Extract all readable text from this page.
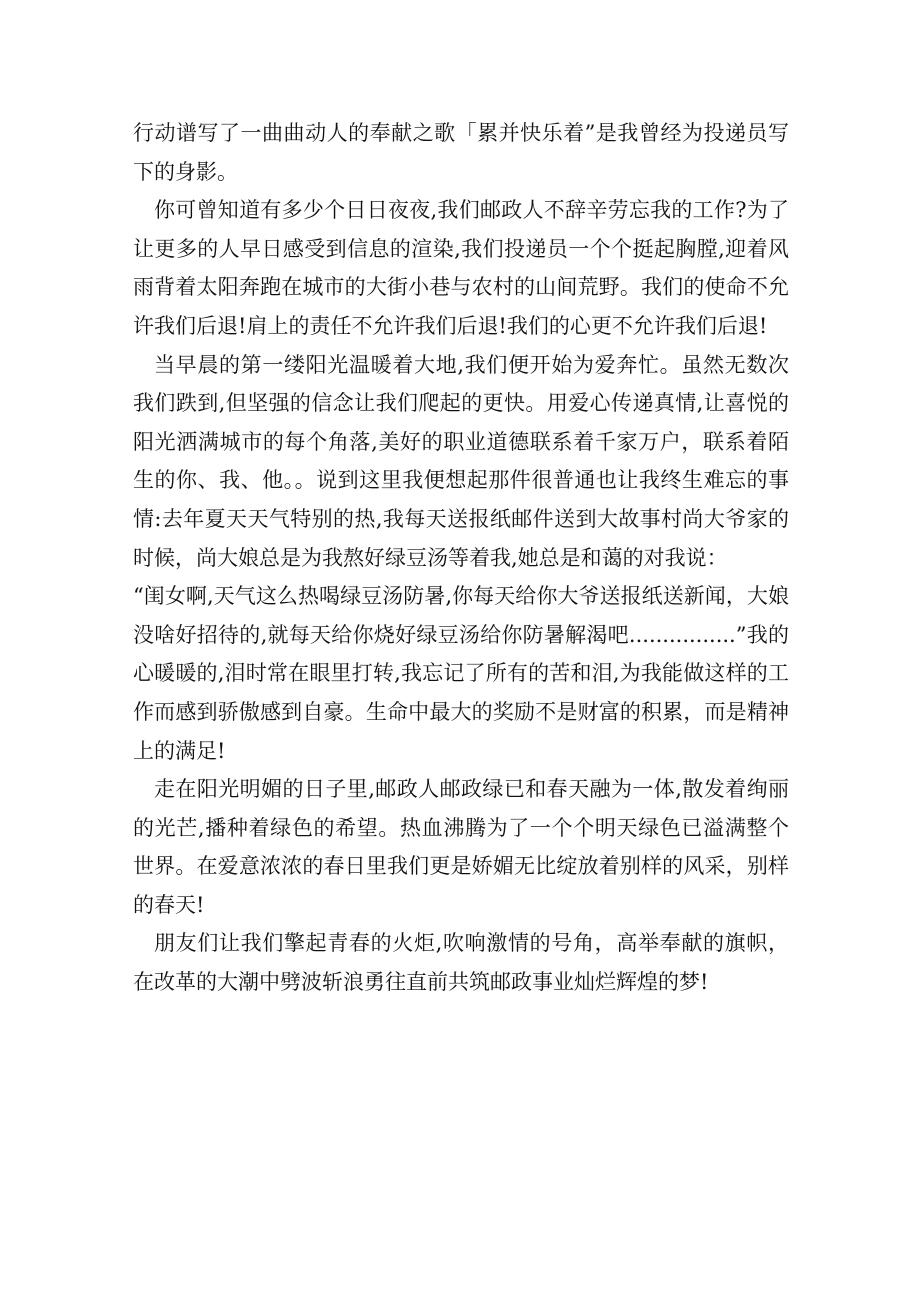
行动谱写了一曲曲动人的奉献之歌「累并快乐着”是我曾经为投递员写下的身影。

你可曾知道有多少个日日夜夜,我们邮政人不辞辛劳忘我的工作?为了让更多的人早日感受到信息的渲染,我们投递员一个个挺起胸膛,迎着风雨背着太阳奔跑在城市的大街小巷与农村的山间荒野。我们的使命不允许我们后退!肩上的责任不允许我们后退!我们的心更不允许我们后退!

当早晨的第一缕阳光温暖着大地,我们便开始为爱奔忙。虽然无数次我们跌到,但坚强的信念让我们爬起的更快。用爱心传递真情,让喜悦的阳光洒满城市的每个角落,美好的职业道德联系着千家万户，联系着陌生的你、我、他。。说到这里我便想起那件很普通也让我终生难忘的事情:去年夏天天气特别的热,我每天送报纸邮件送到大故事村尚大爷家的时候，尚大娘总是为我熬好绿豆汤等着我,她总是和蔼的对我说：

“闺女啊,天气这么热喝绿豆汤防暑,你每天给你大爷送报纸送新闻，大娘没啥好招待的,就每天给你烧好绿豆汤给你防暑解渴吧................”我的心暖暖的,泪时常在眼里打转,我忘记了所有的苦和泪,为我能做这样的工作而感到骄傲感到自豪。生命中最大的奖励不是财富的积累，而是精神上的满足!

走在阳光明媚的日子里,邮政人邮政绿已和春天融为一体,散发着绚丽的光芒,播种着绿色的希望。热血沸腾为了一个个明天绿色已溢满整个世界。在爱意浓浓的春日里我们更是娇媚无比绽放着别样的风采，别样的春天!

朋友们让我们擎起青春的火炬,吹响激情的号角，高举奉献的旗帜，在改革的大潮中劈波斩浪勇往直前共筑邮政事业灿烂辉煌的梦!
